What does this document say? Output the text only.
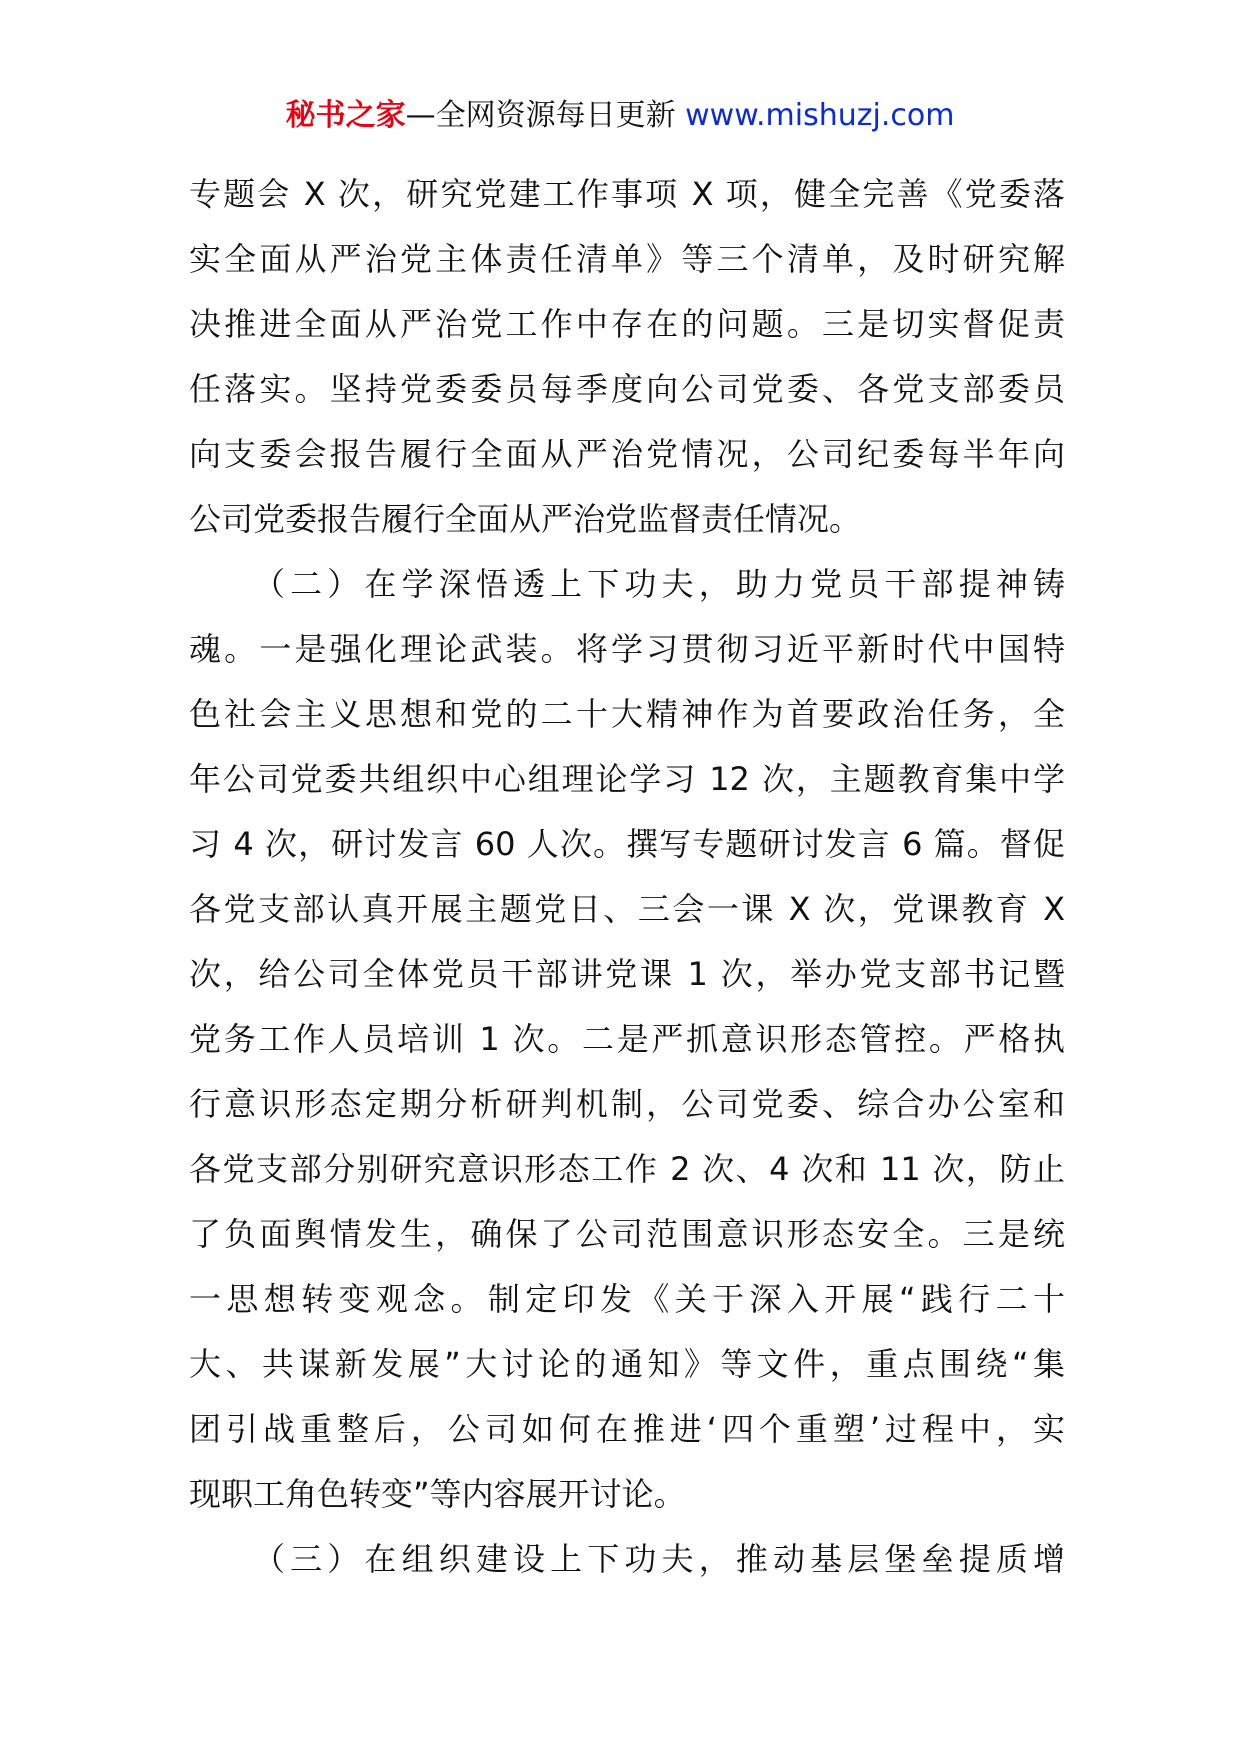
秘书之家—全网资源每日更新 www.mishuzj.com
专题会 X 次，研究党建工作事项 X 项，健全完善《党委落
实全面从严治党主体责任清单》等三个清单，及时研究解
决推进全面从严治党工作中存在的问题。三是切实督促责
任落实。坚持党委委员每季度向公司党委、各党支部委员
向支委会报告履行全面从严治党情况，公司纪委每半年向
公司党委报告履行全面从严治党监督责任情况。
（二）在学深悟透上下功夫，助力党员干部提神铸
魂。一是强化理论武装。将学习贯彻习近平新时代中国特
色社会主义思想和党的二十大精神作为首要政治任务，全
年公司党委共组织中心组理论学习 12 次，主题教育集中学
习 4 次，研讨发言 60 人次。撰写专题研讨发言 6 篇。督促
各党支部认真开展主题党日、三会一课 X 次，党课教育 X
次，给公司全体党员干部讲党课 1 次，举办党支部书记暨
党务工作人员培训 1 次。二是严抓意识形态管控。严格执
行意识形态定期分析研判机制，公司党委、综合办公室和
各党支部分别研究意识形态工作 2 次、4 次和 11 次，防止
了负面舆情发生，确保了公司范围意识形态安全。三是统
一思想转变观念。制定印发《关于深入开展“践行二十
大、共谋新发展”大讨论的通知》等文件，重点围绕“集
团引战重整后，公司如何在推进‘四个重塑’过程中，实
现职工角色转变”等内容展开讨论。
（三）在组织建设上下功夫，推动基层堡垒提质增
